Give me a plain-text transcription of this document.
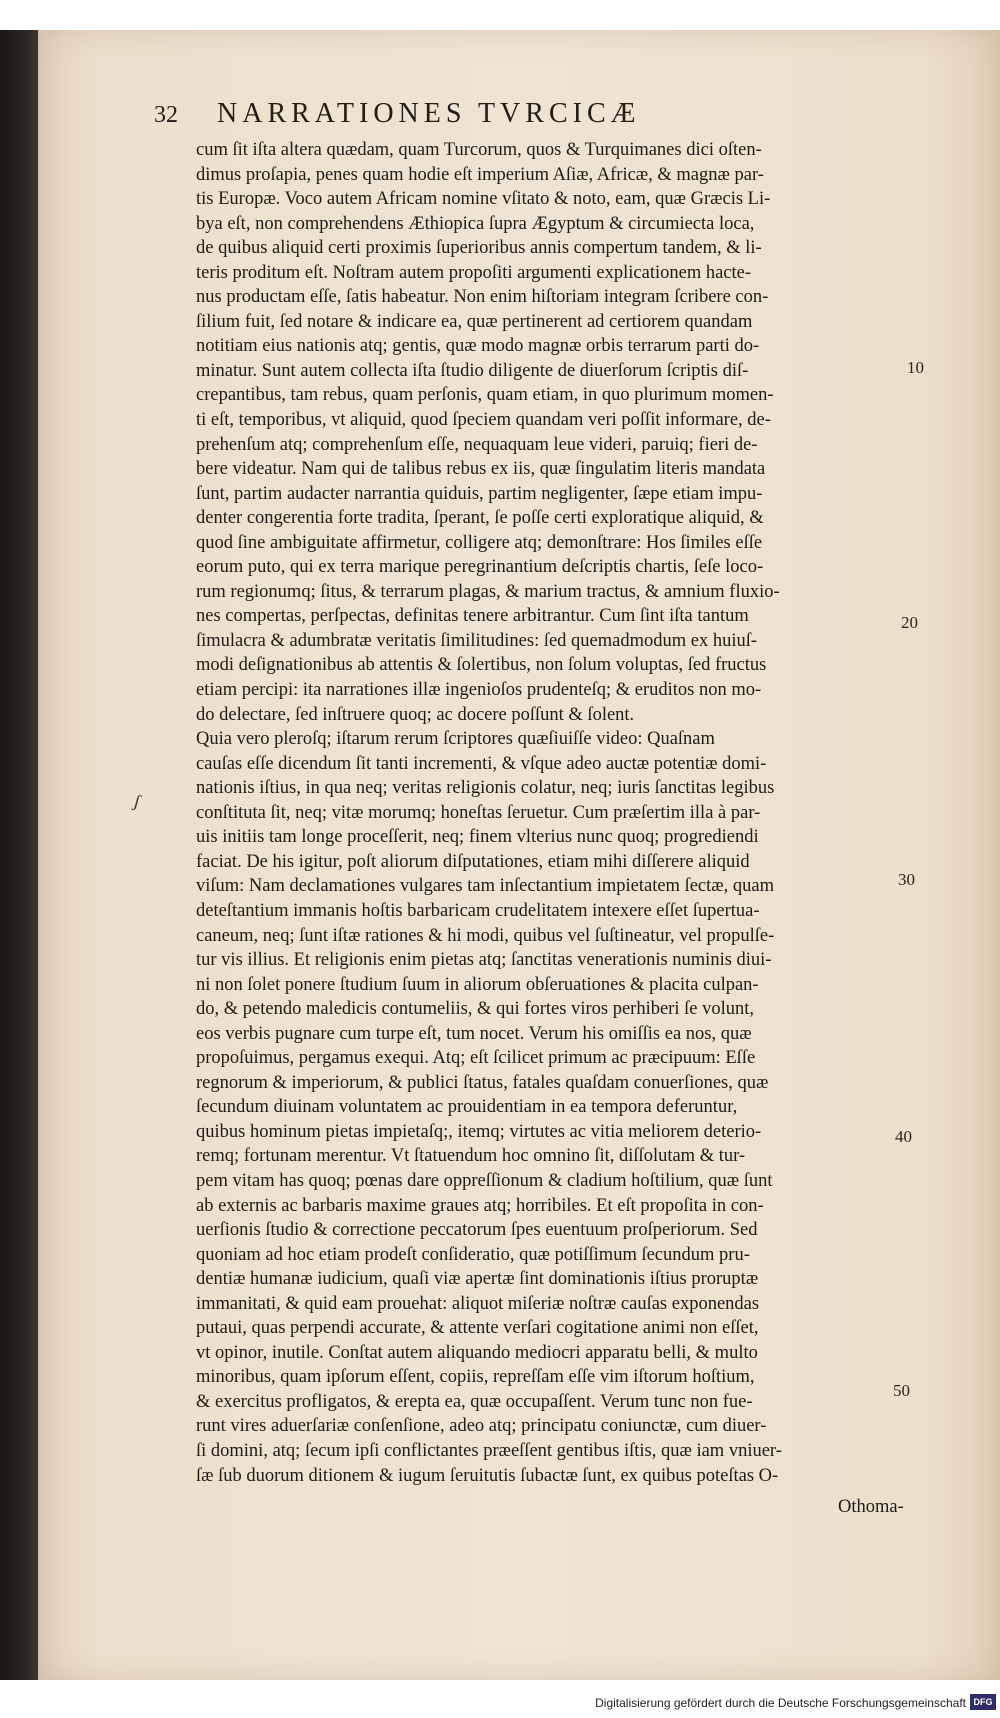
32 NARRATIONES TVRCICÆ
cum ſit iſta altera quædam, quam Turcorum, quos & Turquimanes dici oſten-
dimus proſapia, penes quam hodie eſt imperium Aſiæ, Africæ, & magnæ par-
tis Europæ. Voco autem Africam nomine vſitato & noto, eam, quæ Græcis Li-
bya eſt, non comprehendens Æthiopica ſupra Ægyptum & circumiecta loca,
de quibus aliquid certi proximis ſuperioribus annis compertum tandem, & li-
teris proditum eſt. Noſtram autem propoſiti argumenti explicationem hacte-
nus productam eſſe, ſatis habeatur. Non enim hiſtoriam integram ſcribere con-
ſilium fuit, ſed notare & indicare ea, quæ pertinerent ad certiorem quandam
notitiam eius nationis atq; gentis, quæ modo magnæ orbis terrarum parti do-
minatur. Sunt autem collecta iſta ſtudio diligente de diuerſorum ſcriptis diſ-
crepantibus, tam rebus, quam perſonis, quam etiam, in quo plurimum momen-
ti eſt, temporibus, vt aliquid, quod ſpeciem quandam veri poſſit informare, de-
prehenſum atq; comprehenſum eſſe, nequaquam leue videri, paruiq; fieri de-
bere videatur. Nam qui de talibus rebus ex iis, quæ ſingulatim literis mandata
ſunt, partim audacter narrantia quiduis, partim negligenter, ſæpe etiam impu-
denter congerentia forte tradita, ſperant, ſe poſſe certi exploratique aliquid, &
quod ſine ambiguitate affirmetur, colligere atq; demonſtrare: Hos ſimiles eſſe
eorum puto, qui ex terra marique peregrinantium deſcriptis chartis, ſeſe loco-
rum regionumq; ſitus, & terrarum plagas, & marium tractus, & amnium fluxio-
nes compertas, perſpectas, definitas tenere arbitrantur. Cum ſint iſta tantum
ſimulacra & adumbratæ veritatis ſimilitudines: ſed quemadmodum ex huiuſ-
modi deſignationibus ab attentis & ſolertibus, non ſolum voluptas, ſed fructus
etiam percipi: ita narrationes illæ ingenioſos prudenteſq; & eruditos non mo-
do delectare, ſed inſtruere quoq; ac docere poſſunt & ſolent.
Quia vero pleroſq; iſtarum rerum ſcriptores quæſiuiſſe video: Quaſnam
cauſas eſſe dicendum ſit tanti incrementi, & vſque adeo auctæ potentiæ domi-
nationis iſtius, in qua neq; veritas religionis colatur, neq; iuris ſanctitas legibus
conſtituta ſit, neq; vitæ morumq; honeſtas ſeruetur. Cum præſertim illa à par-
uis initiis tam longe proceſſerit, neq; finem vlterius nunc quoq; progrediendi
faciat. De his igitur, poſt aliorum diſputationes, etiam mihi diſſerere aliquid
viſum: Nam declamationes vulgares tam inſectantium impietatem ſectæ, quam
deteſtantium immanis hoſtis barbaricam crudelitatem intexere eſſet ſupertua-
caneum, neq; ſunt iſtæ rationes & hi modi, quibus vel ſuſtineatur, vel propulſe-
tur vis illius. Et religionis enim pietas atq; ſanctitas venerationis numinis diui-
ni non ſolet ponere ſtudium ſuum in aliorum obſeruationes & placita culpan-
do, & petendo maledicis contumeliis, & qui fortes viros perhiberi ſe volunt,
eos verbis pugnare cum turpe eſt, tum nocet. Verum his omiſſis ea nos, quæ
propoſuimus, pergamus exequi. Atq; eſt ſcilicet primum ac præcipuum: Eſſe
regnorum & imperiorum, & publici ſtatus, fatales quaſdam conuerſiones, quæ
ſecundum diuinam voluntatem ac prouidentiam in ea tempora deferuntur,
quibus hominum pietas impietaſq;, itemq; virtutes ac vitia meliorem deterio-
remq; fortunam merentur. Vt ſtatuendum hoc omnino ſit, diſſolutam & tur-
pem vitam has quoq; pœnas dare oppreſſionum & cladium hoſtilium, quæ ſunt
ab externis ac barbaris maxime graues atq; horribiles. Et eſt propoſita in con-
uerſionis ſtudio & correctione peccatorum ſpes euentuum proſperiorum. Sed
quoniam ad hoc etiam prodeſt conſideratio, quæ potiſſimum ſecundum pru-
dentiæ humanæ iudicium, quaſi viæ apertæ ſint dominationis iſtius proruptæ
immanitati, & quid eam prouehat: aliquot miſeriæ noſtræ cauſas exponendas
putaui, quas perpendi accurate, & attente verſari cogitatione animi non eſſet,
vt opinor, inutile. Conſtat autem aliquando mediocri apparatu belli, & multo
minoribus, quam ipſorum eſſent, copiis, repreſſam eſſe vim iſtorum hoſtium,
& exercitus profligatos, & erepta ea, quæ occupaſſent. Verum tunc non fue-
runt vires aduerſariæ conſenſione, adeo atq; principatu coniunctæ, cum diuer-
ſi domini, atq; ſecum ipſi conflictantes præeſſent gentibus iſtis, quæ iam vniuer-
ſæ ſub duorum ditionem & iugum ſeruitutis ſubactæ ſunt, ex quibus poteſtas O-
10
20
30
40
50
ʃ
Othoma-
Digitalisierung gefördert durch die Deutsche Forschungsgemeinschaft DFG
